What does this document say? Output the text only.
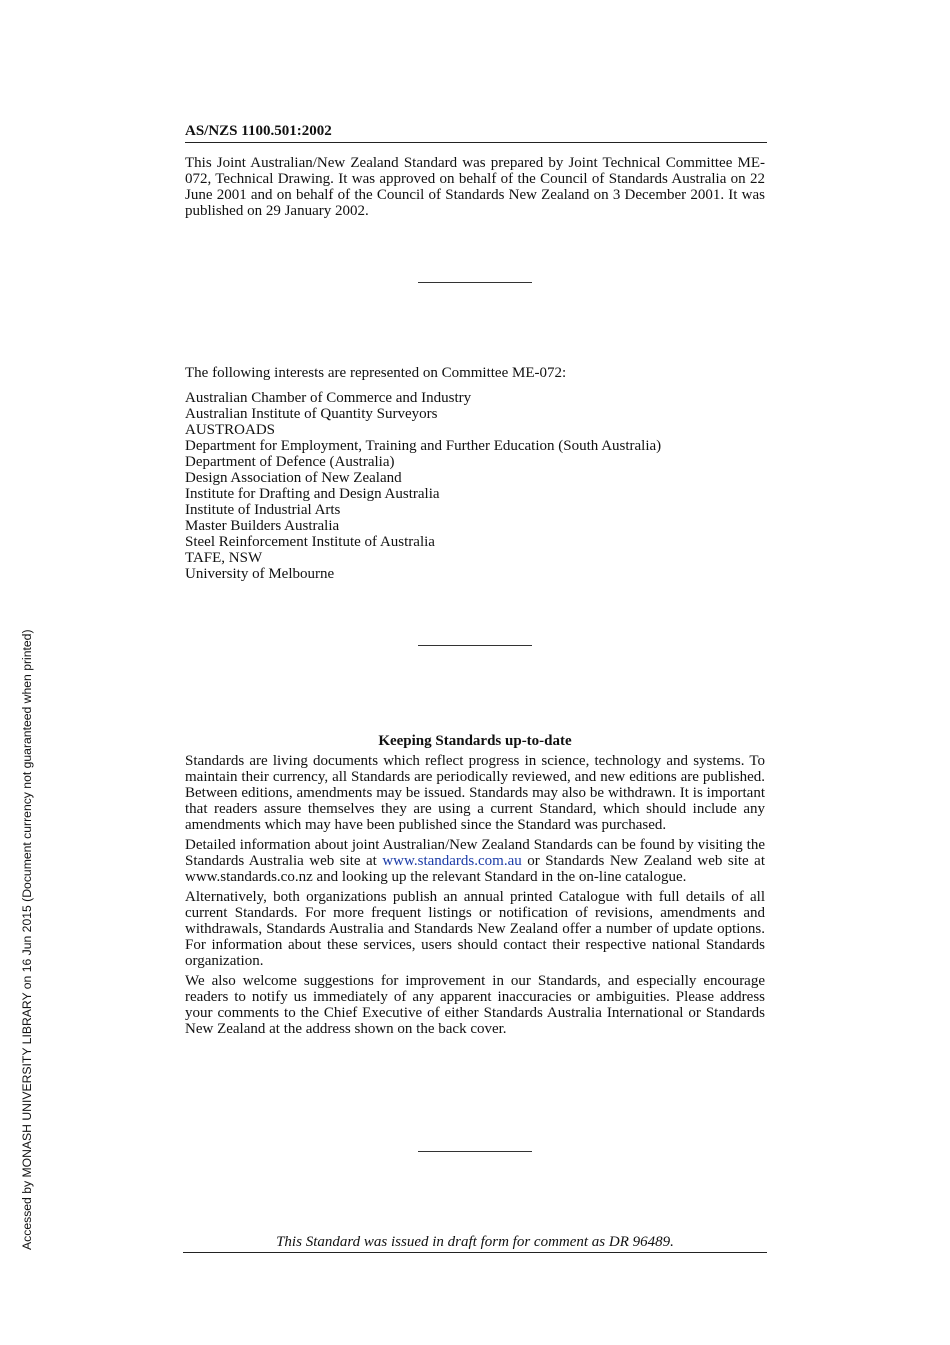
AS/NZS 1100.501:2002

This Joint Australian/New Zealand Standard was prepared by Joint Technical Committee ME-072, Technical Drawing. It was approved on behalf of the Council of Standards Australia on 22 June 2001 and on behalf of the Council of Standards New Zealand on 3 December 2001. It was published on 29 January 2002.

The following interests are represented on Committee ME-072:

Australian Chamber of Commerce and Industry
Australian Institute of Quantity Surveyors
AUSTROADS
Department for Employment, Training and Further Education (South Australia)
Department of Defence (Australia)
Design Association of New Zealand
Institute for Drafting and Design Australia
Institute of Industrial Arts
Master Builders Australia
Steel Reinforcement Institute of Australia
TAFE, NSW
University of Melbourne
Keeping Standards up-to-date

Standards are living documents which reflect progress in science, technology and systems. To maintain their currency, all Standards are periodically reviewed, and new editions are published. Between editions, amendments may be issued. Standards may also be withdrawn. It is important that readers assure themselves they are using a current Standard, which should include any amendments which may have been published since the Standard was purchased.

Detailed information about joint Australian/New Zealand Standards can be found by visiting the Standards Australia web site at www.standards.com.au or Standards New Zealand web site at www.standards.co.nz and looking up the relevant Standard in the on-line catalogue.

Alternatively, both organizations publish an annual printed Catalogue with full details of all current Standards. For more frequent listings or notification of revisions, amendments and withdrawals, Standards Australia and Standards New Zealand offer a number of update options. For information about these services, users should contact their respective national Standards organization.

We also welcome suggestions for improvement in our Standards, and especially encourage readers to notify us immediately of any apparent inaccuracies or ambiguities. Please address your comments to the Chief Executive of either Standards Australia International or Standards New Zealand at the address shown on the back cover.

This Standard was issued in draft form for comment as DR 96489.
Accessed by MONASH UNIVERSITY LIBRARY on 16 Jun 2015 (Document currency not guaranteed when printed)
